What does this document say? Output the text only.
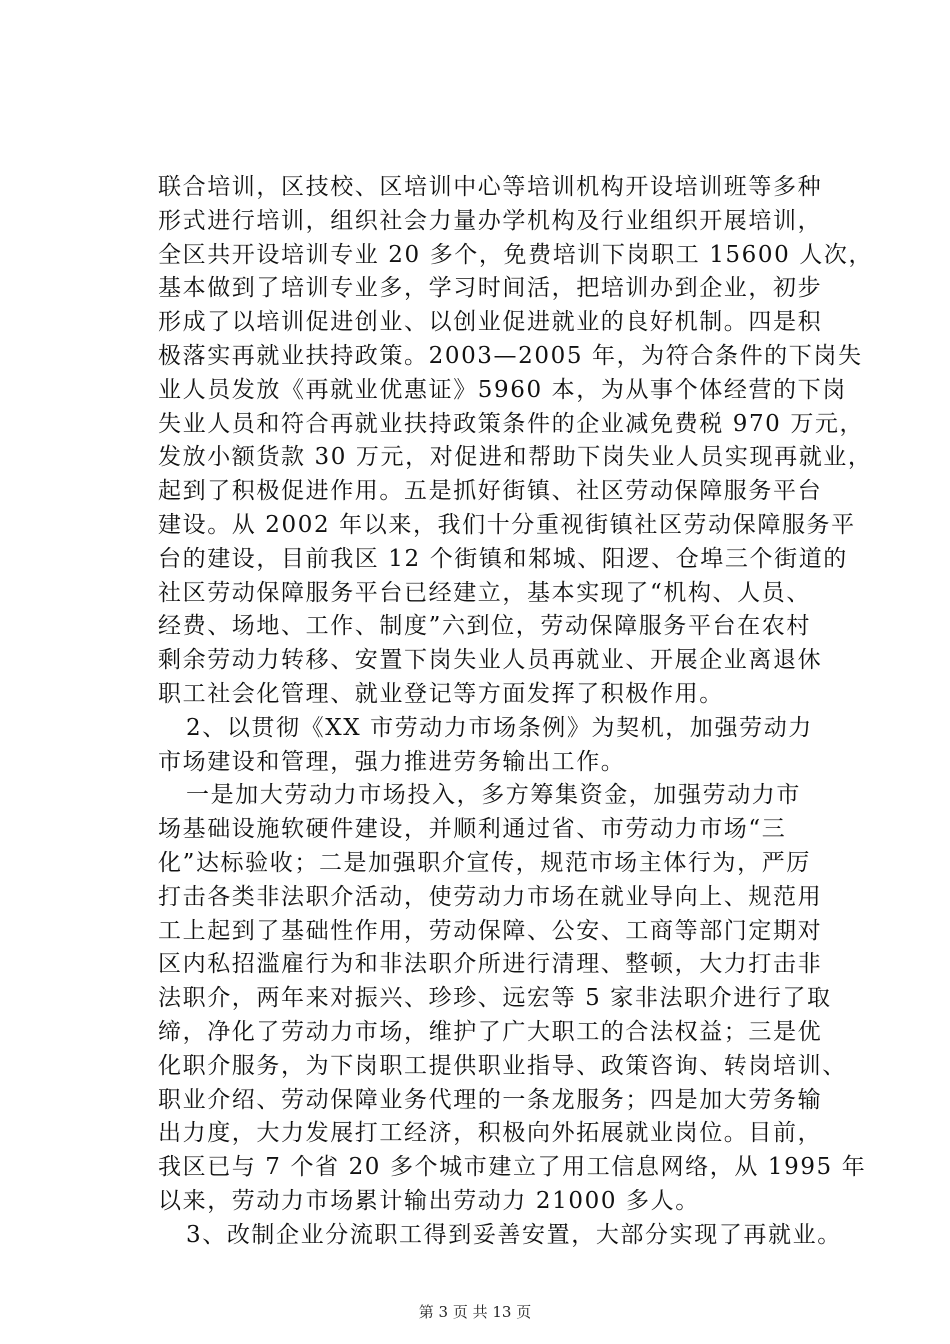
联合培训，区技校、区培训中心等培训机构开设培训班等多种
形式进行培训，组织社会力量办学机构及行业组织开展培训，
全区共开设培训专业 20 多个，免费培训下岗职工 15600 人次，
基本做到了培训专业多，学习时间活，把培训办到企业，初步
形成了以培训促进创业、以创业促进就业的良好机制。四是积
极落实再就业扶持政策。2003—2005 年，为符合条件的下岗失
业人员发放《再就业优惠证》5960 本，为从事个体经营的下岗
失业人员和符合再就业扶持政策条件的企业减免费税 970 万元，
发放小额货款 30 万元，对促进和帮助下岗失业人员实现再就业，
起到了积极促进作用。五是抓好街镇、社区劳动保障服务平台
建设。从 2002 年以来，我们十分重视街镇社区劳动保障服务平
台的建设，目前我区 12 个街镇和邾城、阳逻、仓埠三个街道的
社区劳动保障服务平台已经建立，基本实现了“机构、人员、
经费、场地、工作、制度”六到位，劳动保障服务平台在农村
剩余劳动力转移、安置下岗失业人员再就业、开展企业离退休
职工社会化管理、就业登记等方面发挥了积极作用。
2、以贯彻《XX 市劳动力市场条例》为契机，加强劳动力
市场建设和管理，强力推进劳务输出工作。
一是加大劳动力市场投入，多方筹集资金，加强劳动力市
场基础设施软硬件建设，并顺利通过省、市劳动力市场“三
化”达标验收；二是加强职介宣传，规范市场主体行为，严厉
打击各类非法职介活动，使劳动力市场在就业导向上、规范用
工上起到了基础性作用，劳动保障、公安、工商等部门定期对
区内私招滥雇行为和非法职介所进行清理、整顿，大力打击非
法职介，两年来对振兴、珍珍、远宏等 5 家非法职介进行了取
缔，净化了劳动力市场，维护了广大职工的合法权益；三是优
化职介服务，为下岗职工提供职业指导、政策咨询、转岗培训、
职业介绍、劳动保障业务代理的一条龙服务；四是加大劳务输
出力度，大力发展打工经济，积极向外拓展就业岗位。目前，
我区已与 7 个省 20 多个城市建立了用工信息网络，从 1995 年
以来，劳动力市场累计输出劳动力 21000 多人。
3、改制企业分流职工得到妥善安置，大部分实现了再就业。
第 3 页 共 13 页
